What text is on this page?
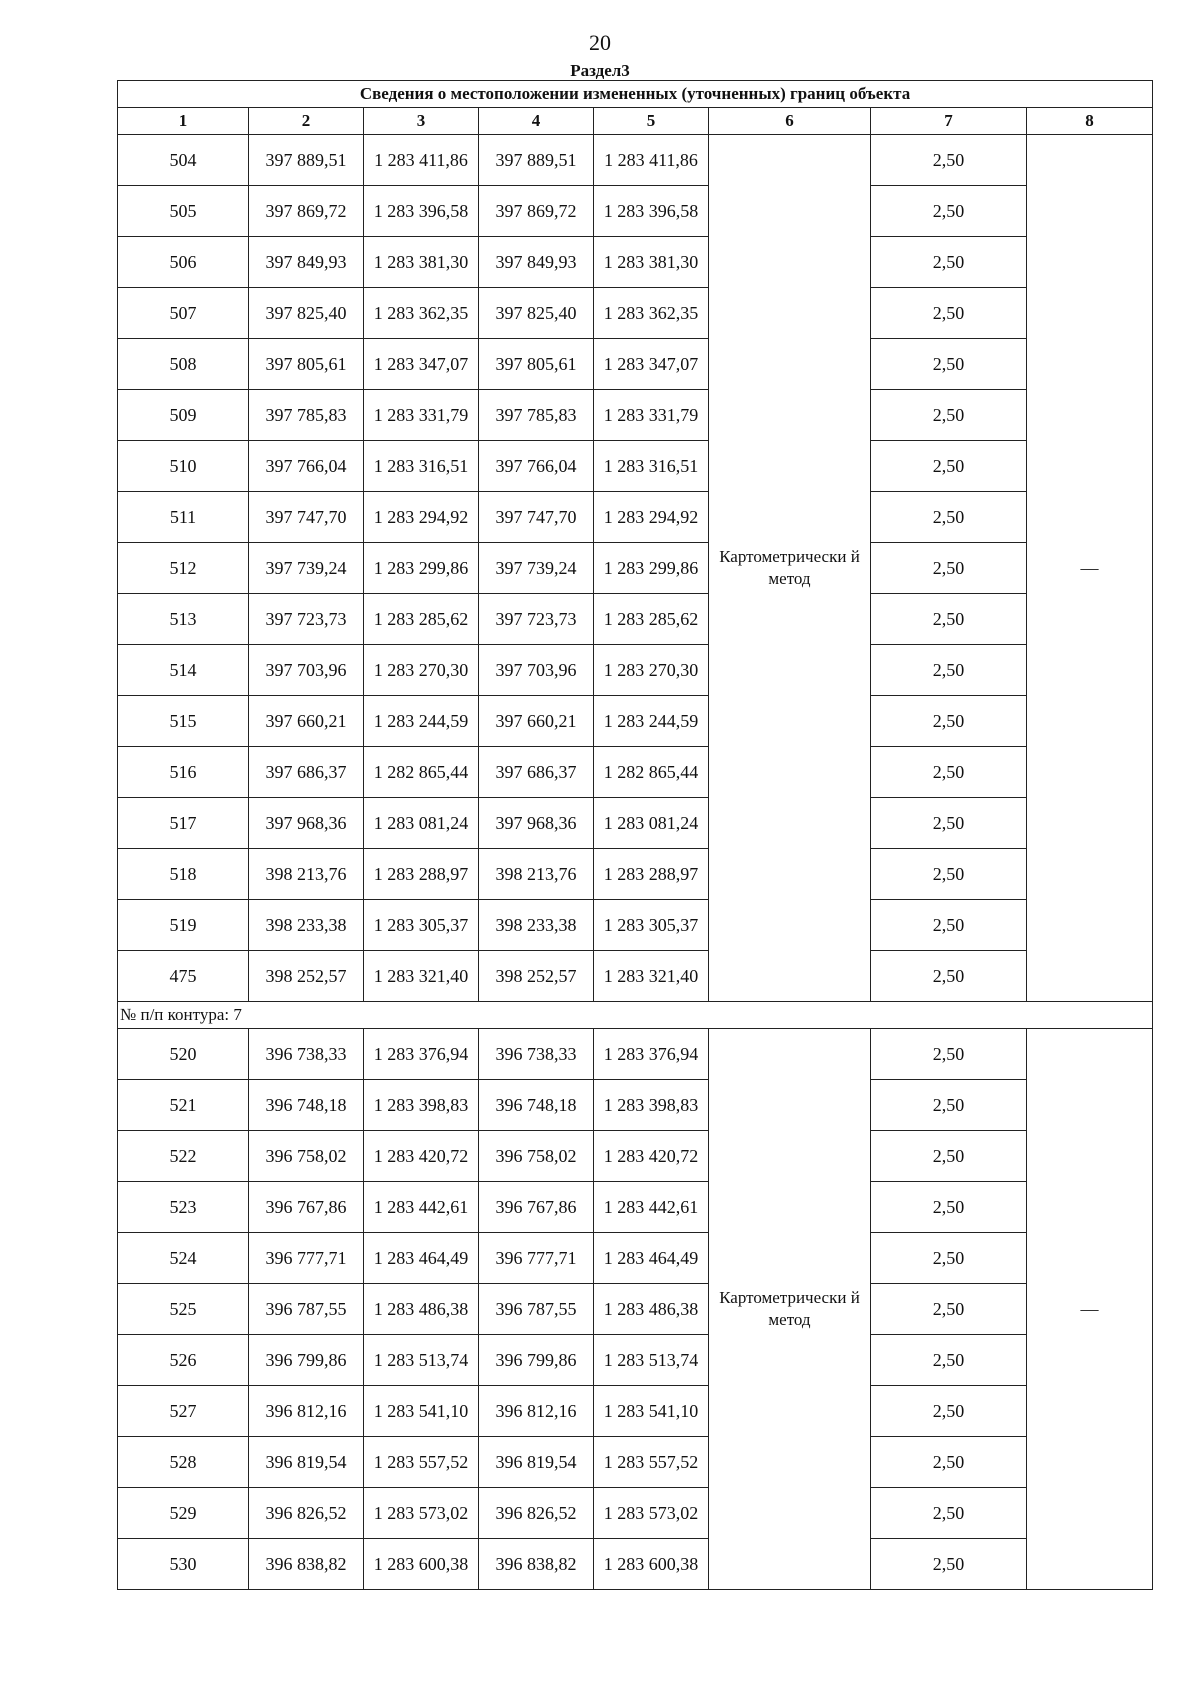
20
Раздел3
Сведения о местоположении измененных (уточненных) границ объекта							
1	2	3	4	5	6	7	8
504	397 889,51	1 283 411,86	397 889,51	1 283 411,86	Картометрически й метод	2,50	—
505	397 869,72	1 283 396,58	397 869,72	1 283 396,58		2,50	
506	397 849,93	1 283 381,30	397 849,93	1 283 381,30		2,50	
507	397 825,40	1 283 362,35	397 825,40	1 283 362,35		2,50	
508	397 805,61	1 283 347,07	397 805,61	1 283 347,07		2,50	
509	397 785,83	1 283 331,79	397 785,83	1 283 331,79		2,50	
510	397 766,04	1 283 316,51	397 766,04	1 283 316,51		2,50	
511	397 747,70	1 283 294,92	397 747,70	1 283 294,92		2,50	
512	397 739,24	1 283 299,86	397 739,24	1 283 299,86		2,50	
513	397 723,73	1 283 285,62	397 723,73	1 283 285,62		2,50	
514	397 703,96	1 283 270,30	397 703,96	1 283 270,30		2,50	
515	397 660,21	1 283 244,59	397 660,21	1 283 244,59		2,50	
516	397 686,37	1 282 865,44	397 686,37	1 282 865,44		2,50	
517	397 968,36	1 283 081,24	397 968,36	1 283 081,24		2,50	
518	398 213,76	1 283 288,97	398 213,76	1 283 288,97		2,50	
519	398 233,38	1 283 305,37	398 233,38	1 283 305,37		2,50	
475	398 252,57	1 283 321,40	398 252,57	1 283 321,40		2,50	
№ п/п контура: 7							
520	396 738,33	1 283 376,94	396 738,33	1 283 376,94	Картометрически й метод	2,50	—
521	396 748,18	1 283 398,83	396 748,18	1 283 398,83		2,50	
522	396 758,02	1 283 420,72	396 758,02	1 283 420,72		2,50	
523	396 767,86	1 283 442,61	396 767,86	1 283 442,61		2,50	
524	396 777,71	1 283 464,49	396 777,71	1 283 464,49		2,50	
525	396 787,55	1 283 486,38	396 787,55	1 283 486,38		2,50	
526	396 799,86	1 283 513,74	396 799,86	1 283 513,74		2,50	
527	396 812,16	1 283 541,10	396 812,16	1 283 541,10		2,50	
528	396 819,54	1 283 557,52	396 819,54	1 283 557,52		2,50	
529	396 826,52	1 283 573,02	396 826,52	1 283 573,02		2,50	
530	396 838,82	1 283 600,38	396 838,82	1 283 600,38		2,50	
